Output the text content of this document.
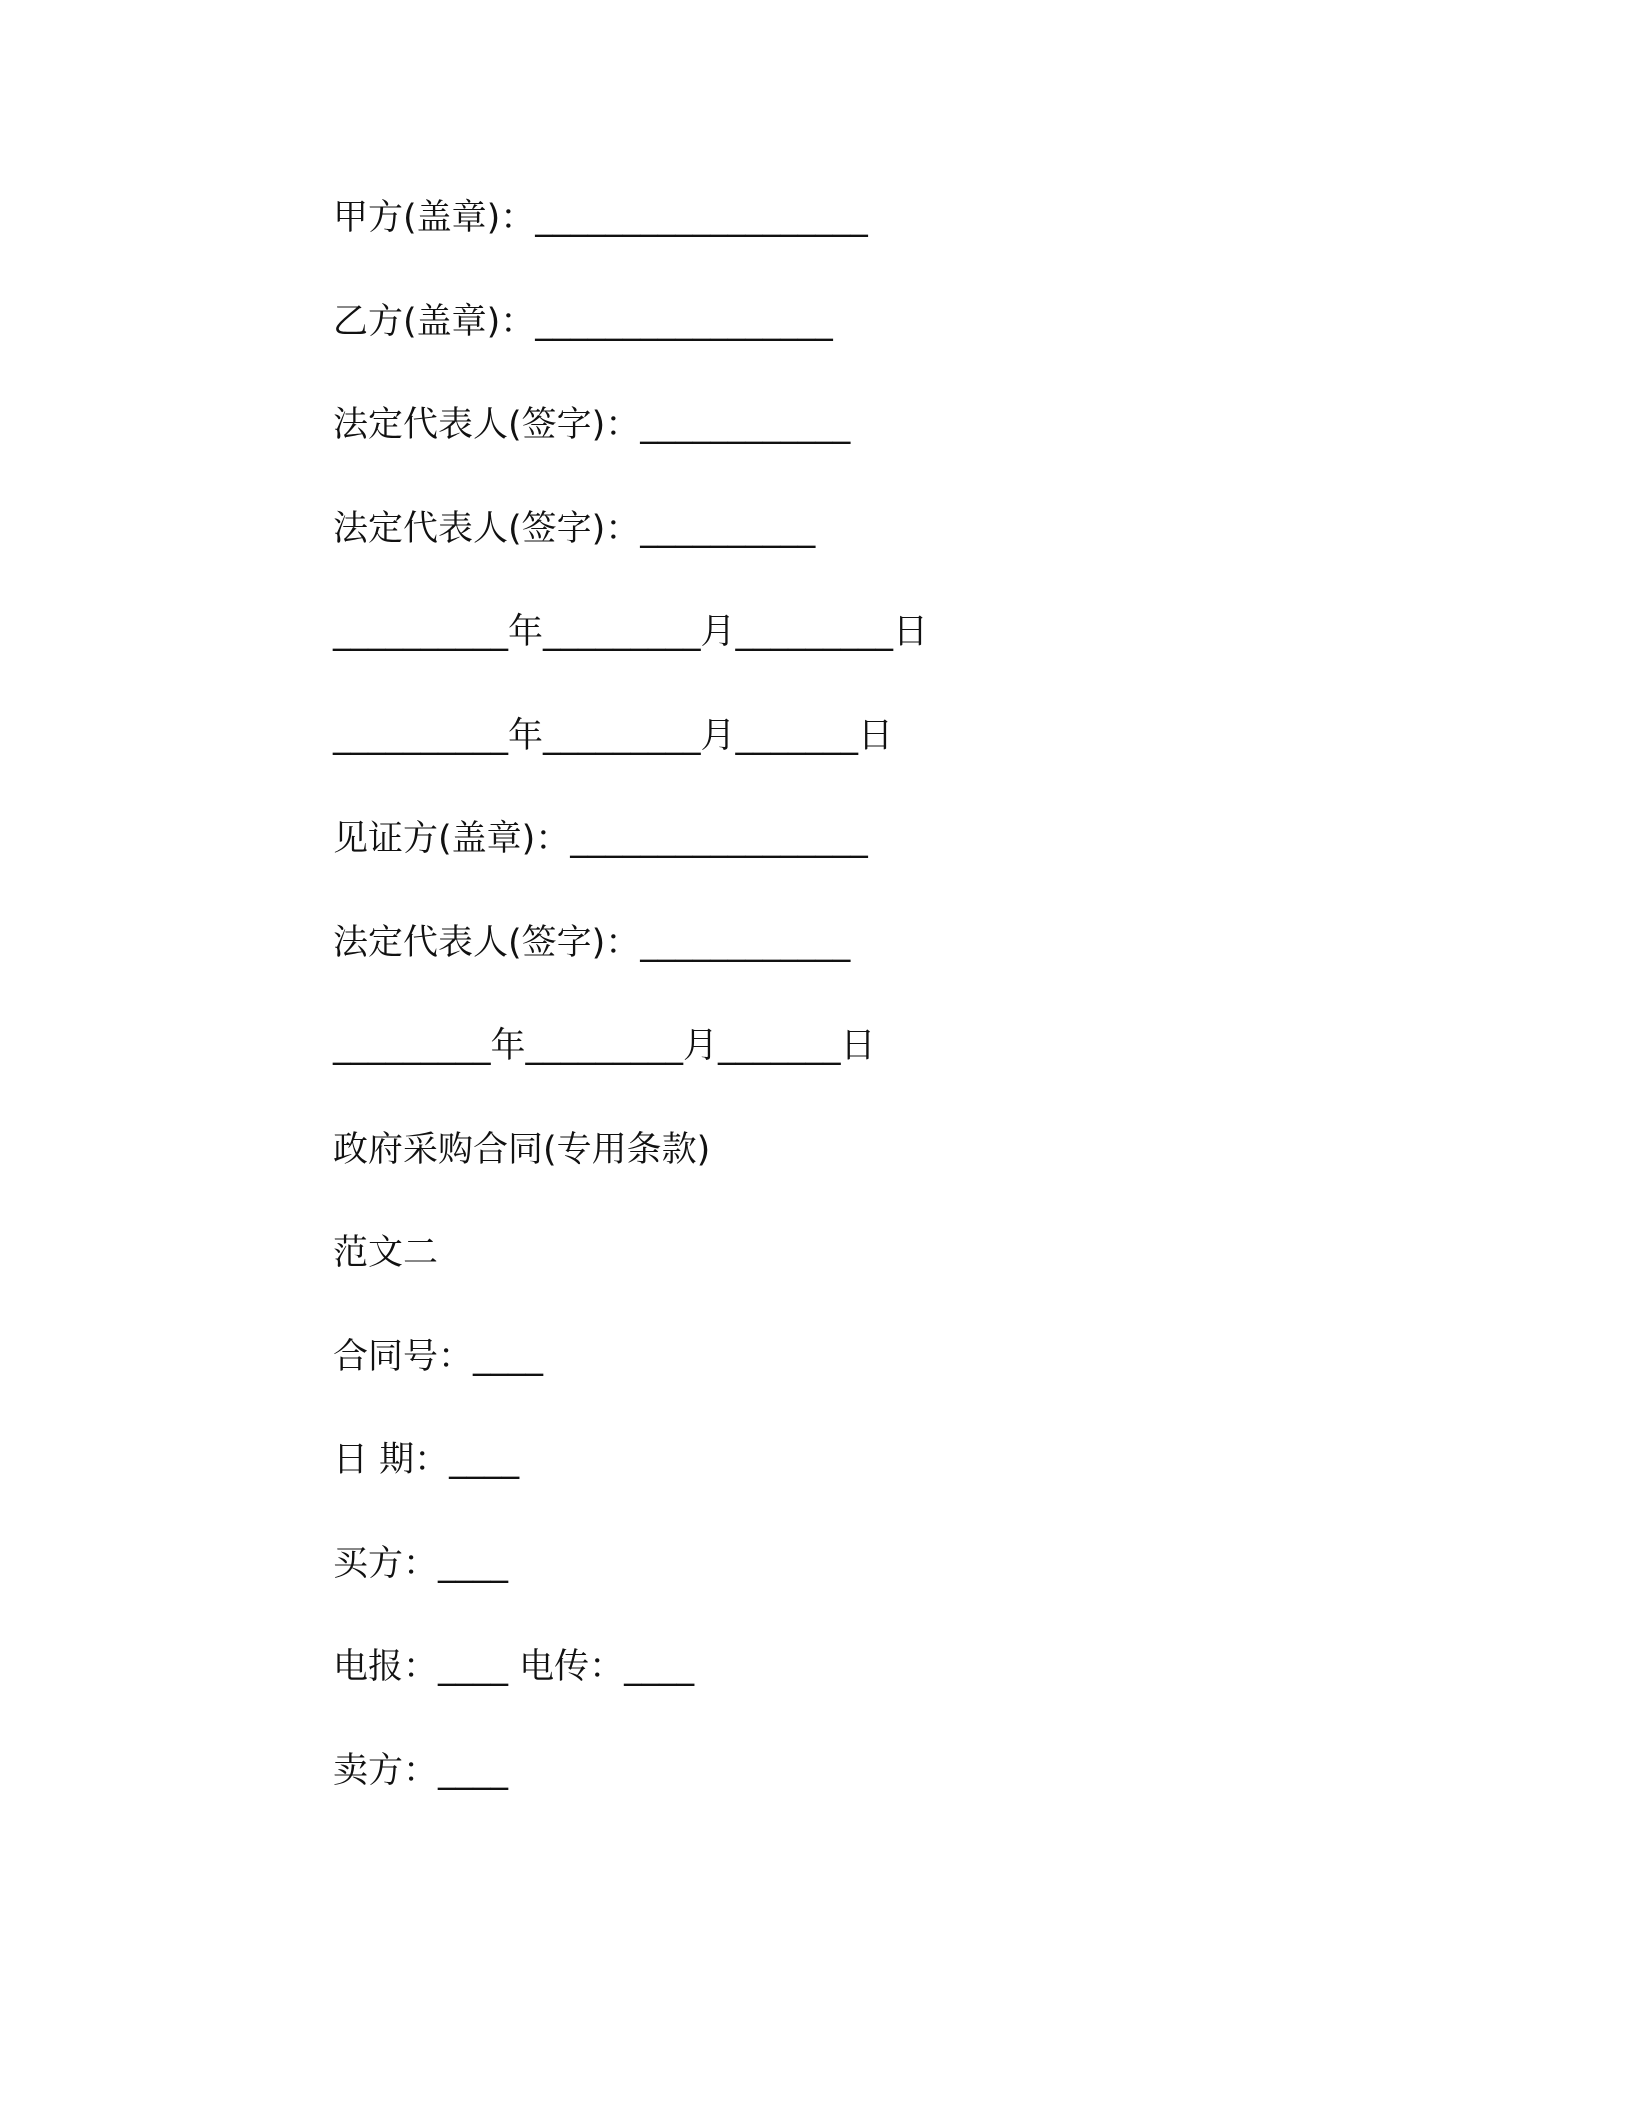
甲方(盖章)：___________________
乙方(盖章)：_________________
法定代表人(签字)：____________
法定代表人(签字)：__________
__________年_________月_________日
__________年_________月_______日
见证方(盖章)：_________________
法定代表人(签字)：____________
_________年_________月_______日
政府采购合同(专用条款)
范文二
合同号：____
日 期：____
买方：____
电报：____ 电传：____
卖方：____
